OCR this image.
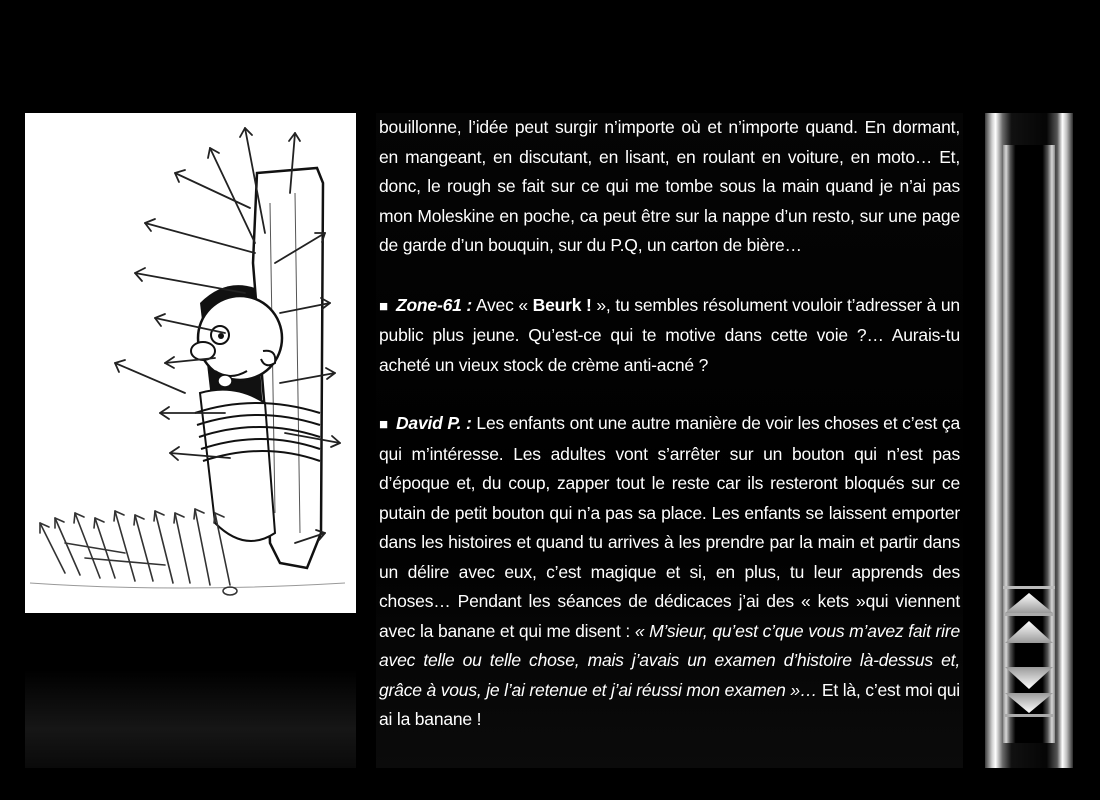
bouillonne, l’idée peut surgir n’importe où et n’importe quand. En dormant, en mangeant, en discutant, en lisant, en roulant en voiture, en moto… Et, donc, le rough se fait sur ce qui me tombe sous la main quand je n’ai pas mon Moleskine en poche, ca peut être sur la nappe d’un resto, sur une page de garde d’un bouquin, sur du P.Q, un carton de bière…

■ Zone-61 : Avec « Beurk ! », tu sembles résolument vouloir t’adresser à un public plus jeune. Qu’est-ce qui te motive dans cette voie ?… Aurais-tu acheté un vieux stock de crème anti-acné ?

■ David P. : Les enfants ont une autre manière de voir les choses et c’est ça qui m’intéresse. Les adultes vont s’arrêter sur un bouton qui n’est pas d’époque et, du coup, zapper tout le reste car ils resteront bloqués sur ce putain de petit bouton qui n’a pas sa place. Les enfants se laissent emporter dans les histoires et quand tu arrives à les prendre par la main et partir dans un délire avec eux, c’est magique et si, en plus, tu leur apprends des choses… Pendant les séances de dédicaces j’ai des « kets »qui viennent avec la banane et qui me disent : « M’sieur, qu’est c’que vous m’avez fait rire avec telle ou telle chose, mais j’avais un examen d’histoire là-dessus et, grâce à vous, je l’ai retenue et j’ai réussi mon examen »… Et là, c’est moi qui ai la banane !
